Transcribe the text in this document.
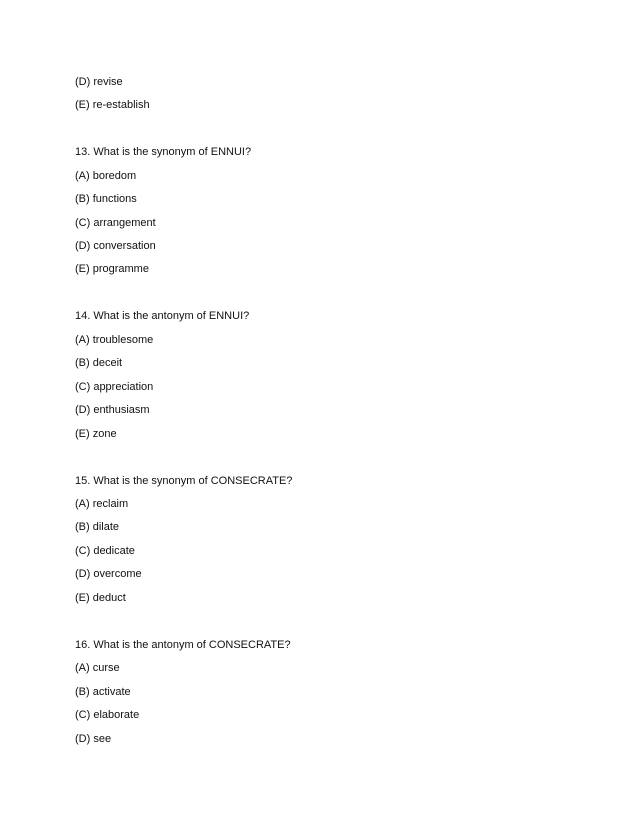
(D) revise
(E) re-establish
13. What is the synonym of ENNUI?
(A) boredom
(B) functions
(C) arrangement
(D) conversation
(E) programme
14. What is the antonym of ENNUI?
(A) troublesome
(B) deceit
(C) appreciation
(D) enthusiasm
(E) zone
15. What is the synonym of CONSECRATE?
(A) reclaim
(B) dilate
(C) dedicate
(D) overcome
(E) deduct
16. What is the antonym of CONSECRATE?
(A) curse
(B) activate
(C) elaborate
(D) see
